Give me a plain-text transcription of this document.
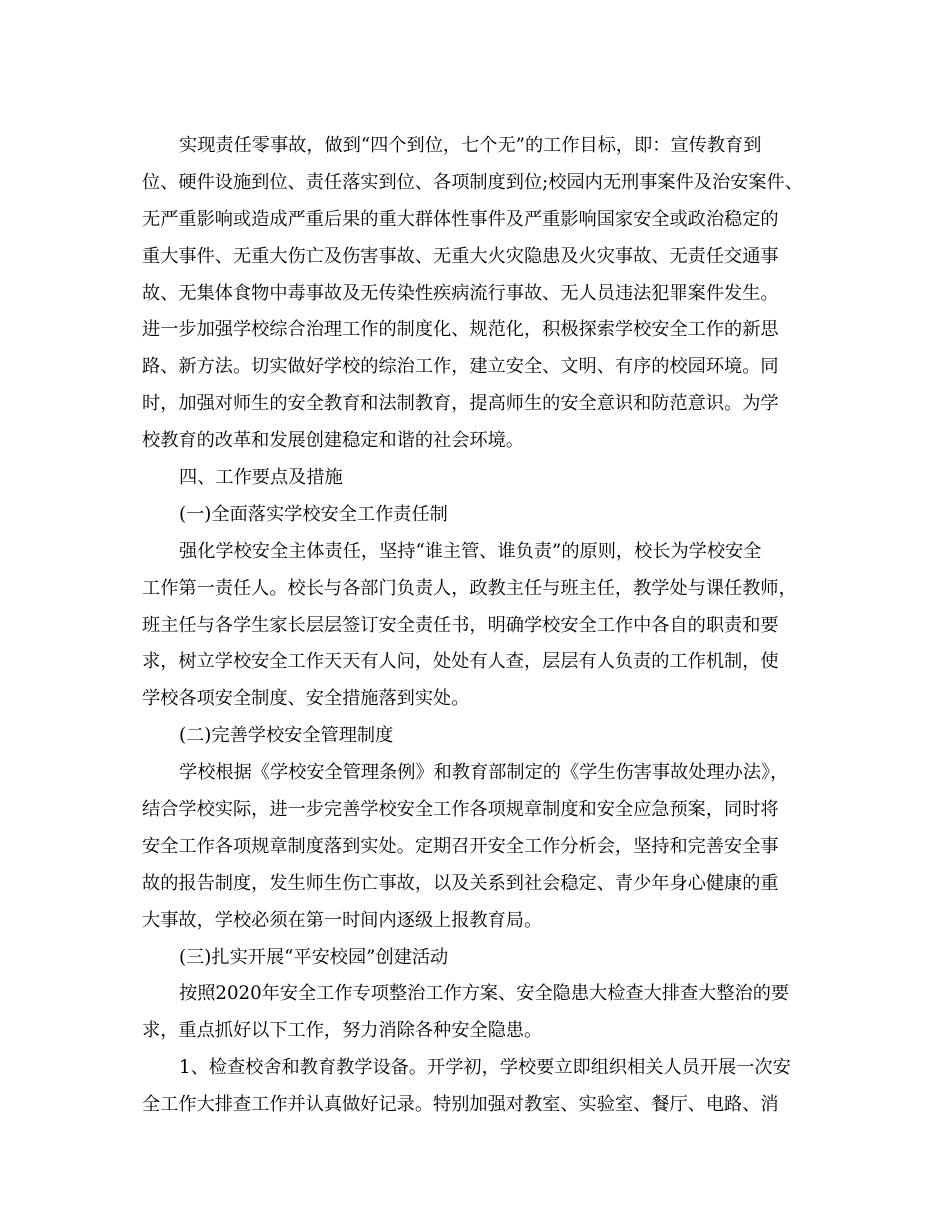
实现责任零事故，做到“四个到位，七个无”的工作目标，即：宣传教育到
位、硬件设施到位、责任落实到位、各项制度到位;校园内无刑事案件及治安案件、
无严重影响或造成严重后果的重大群体性事件及严重影响国家安全或政治稳定的
重大事件、无重大伤亡及伤害事故、无重大火灾隐患及火灾事故、无责任交通事
故、无集体食物中毒事故及无传染性疾病流行事故、无人员违法犯罪案件发生。
进一步加强学校综合治理工作的制度化、规范化，积极探索学校安全工作的新思
路、新方法。切实做好学校的综治工作，建立安全、文明、有序的校园环境。同
时，加强对师生的安全教育和法制教育，提高师生的安全意识和防范意识。为学
校教育的改革和发展创建稳定和谐的社会环境。
四、工作要点及措施
(一)全面落实学校安全工作责任制
强化学校安全主体责任，坚持“谁主管、谁负责”的原则，校长为学校安全
工作第一责任人。校长与各部门负责人，政教主任与班主任，教学处与课任教师，
班主任与各学生家长层层签订安全责任书，明确学校安全工作中各自的职责和要
求，树立学校安全工作天天有人问，处处有人查，层层有人负责的工作机制，使
学校各项安全制度、安全措施落到实处。
(二)完善学校安全管理制度
学校根据《学校安全管理条例》和教育部制定的《学生伤害事故处理办法》，
结合学校实际，进一步完善学校安全工作各项规章制度和安全应急预案，同时将
安全工作各项规章制度落到实处。定期召开安全工作分析会，坚持和完善安全事
故的报告制度，发生师生伤亡事故，以及关系到社会稳定、青少年身心健康的重
大事故，学校必须在第一时间内逐级上报教育局。
(三)扎实开展“平安校园”创建活动
按照2020年安全工作专项整治工作方案、安全隐患大检查大排查大整治的要
求，重点抓好以下工作，努力消除各种安全隐患。
1、检查校舍和教育教学设备。开学初，学校要立即组织相关人员开展一次安
全工作大排查工作并认真做好记录。特别加强对教室、实验室、餐厅、电路、消
